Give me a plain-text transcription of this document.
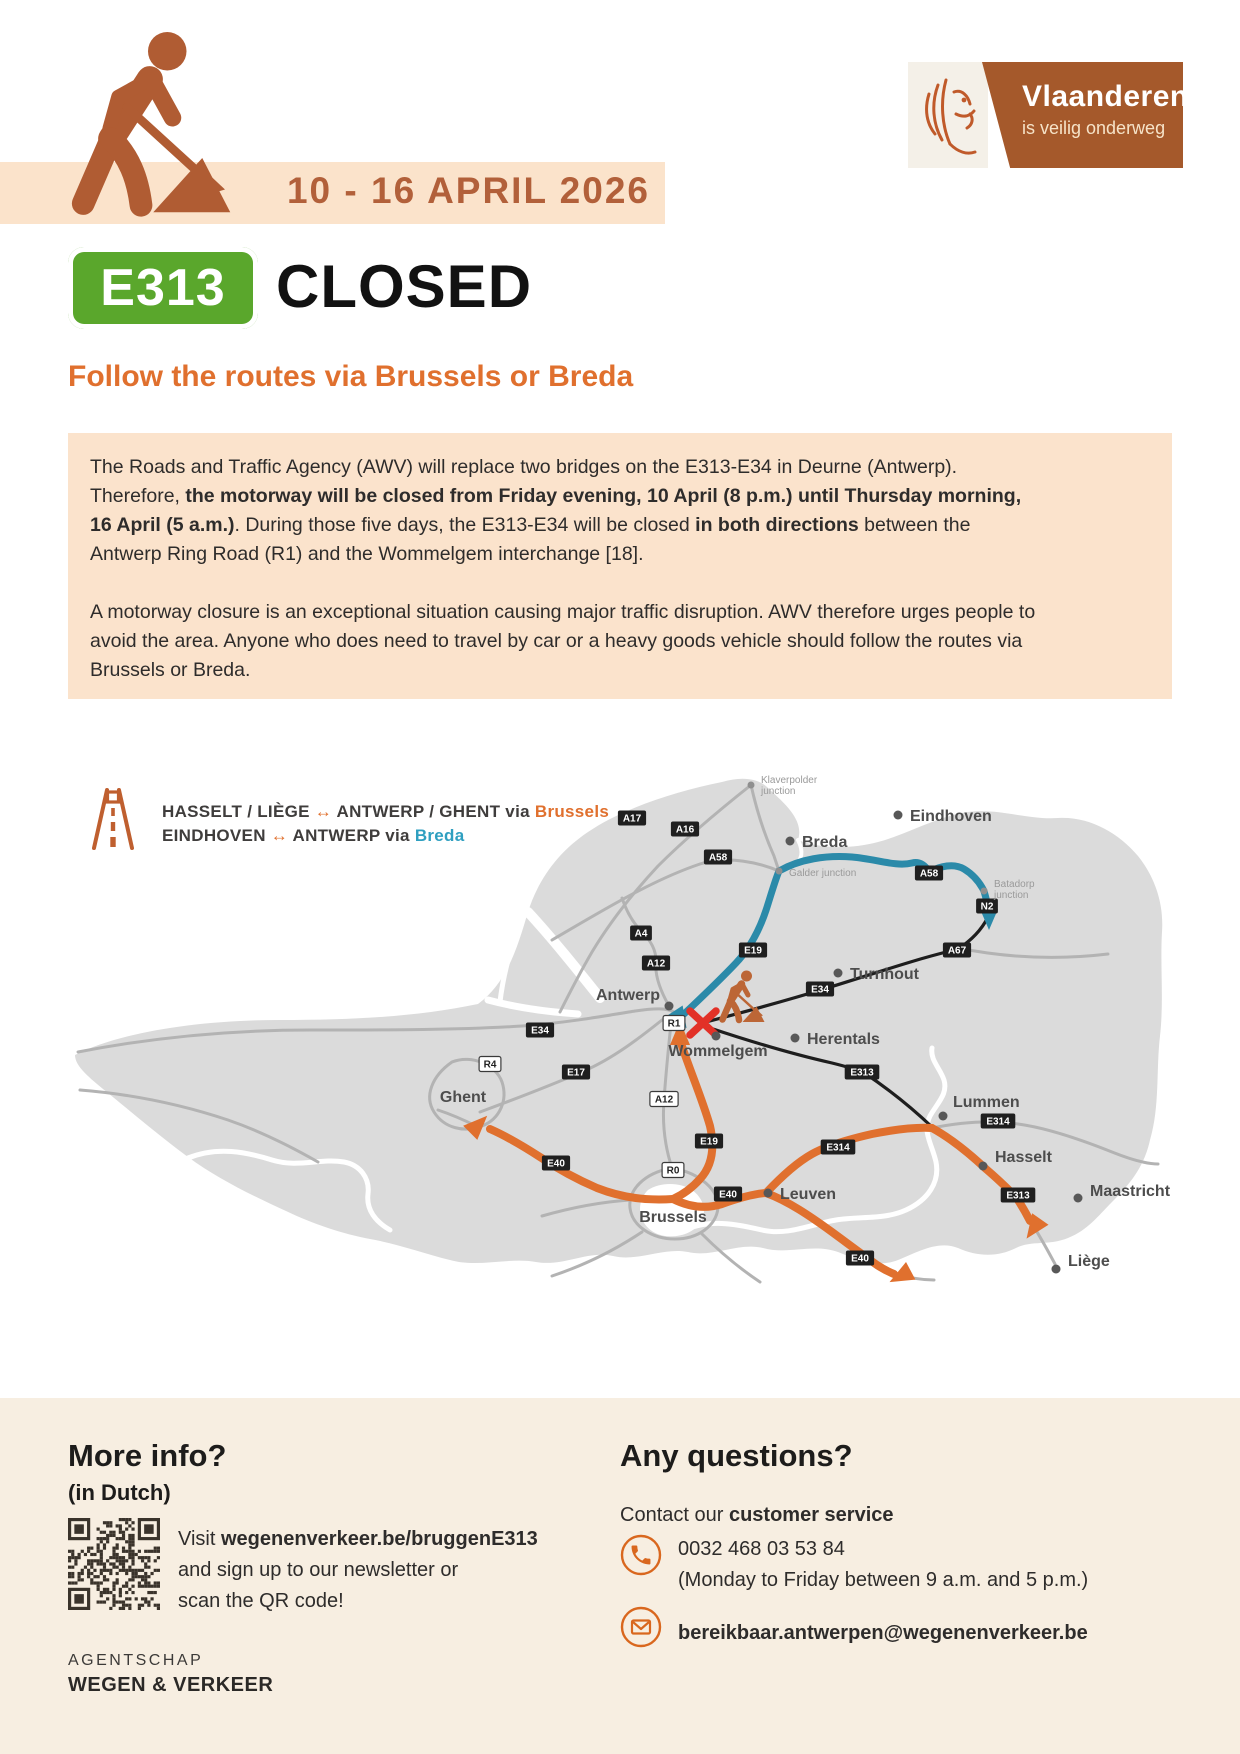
10 - 16 APRIL 2026
Vlaanderen
is veilig onderweg
E313 CLOSED
Follow the routes via Brussels or Breda

The Roads and Traffic Agency (AWV) will replace two bridges on the E313-E34 in Deurne (Antwerp). Therefore, the motorway will be closed from Friday evening, 10 April (8 p.m.) until Thursday morning, 16 April (5 a.m.). During those five days, the E313-E34 will be closed in both directions between the Antwerp Ring Road (R1) and the Wommelgem interchange [18].

A motorway closure is an exceptional situation causing major traffic disruption. AWV therefore urges people to avoid the area. Anyone who does need to travel by car or a heavy goods vehicle should follow the routes via Brussels or Breda.

HASSELT / LIÈGE ↔ ANTWERP / GHENT via Brussels
EINDHOVEN ↔ ANTWERP via Breda
A17
A16
A58
A58
N2
A67
A4
A12
E19
E34
E34
E17	E313
E19
E314
E314
E40
E40
E40
E313
R1
R4
A12
R0
Klaverpolder
junction
Galder junction
Batadorp
junction
Breda
Eindhoven
Turnhout
Antwerp
Wommelgem
Herentals
Ghent	Lummen
Hasselt
Leuven
Brussels
Maastricht
Liège
More info?
(in Dutch)
Visit wegenenverkeer.be/bruggenE313
and sign up to our newsletter or
scan the QR code!
AGENTSCHAP
WEGEN & VERKEER
Any questions?
Contact our customer service
0032 468 03 53 84
(Monday to Friday between 9 a.m. and 5 p.m.)
bereikbaar.antwerpen@wegenenverkeer.be
